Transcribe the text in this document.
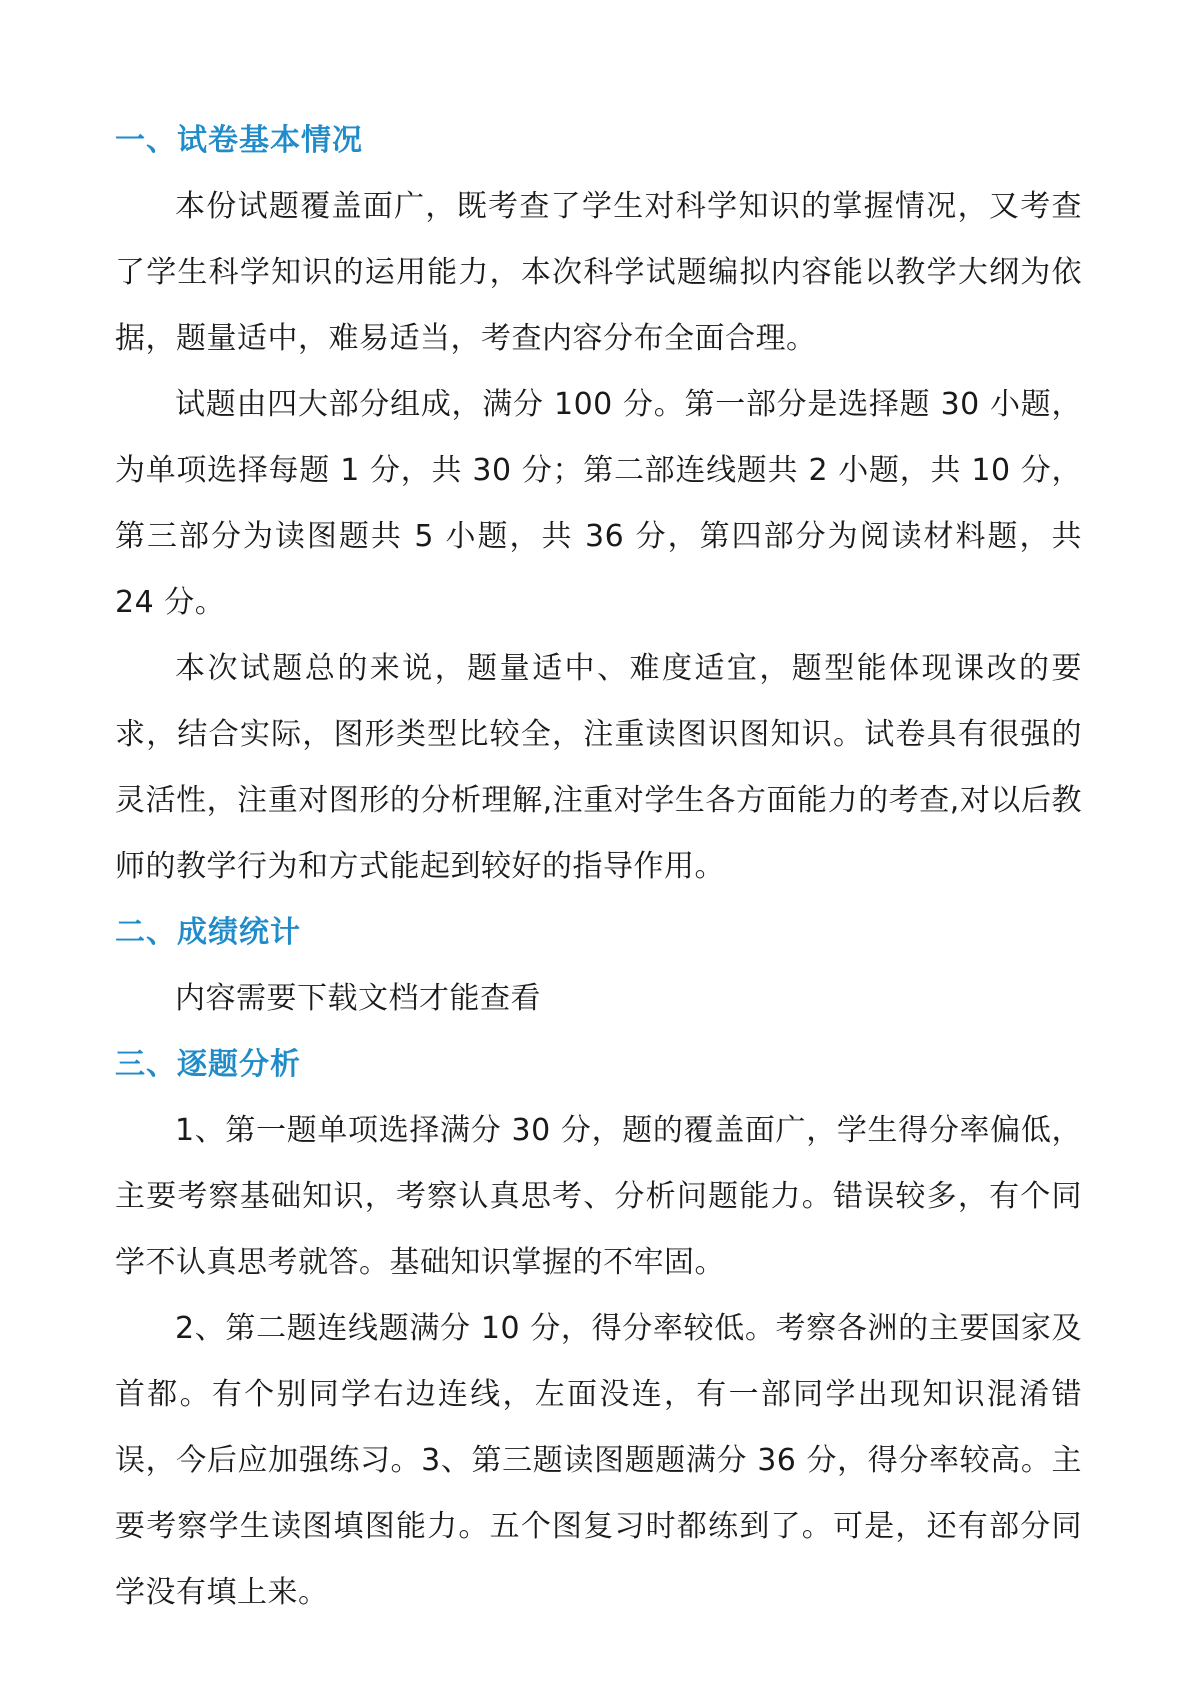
一、试卷基本情况

本份试题覆盖面广，既考查了学生对科学知识的掌握情况，又考查了学生科学知识的运用能力，本次科学试题编拟内容能以教学大纲为依据，题量适中，难易适当，考查内容分布全面合理。

试题由四大部分组成，满分 100 分。第一部分是选择题 30 小题，为单项选择每题 1 分，共 30 分；第二部连线题共 2 小题，共 10 分，第三部分为读图题共 5 小题，共 36 分，第四部分为阅读材料题，共 24 分。

本次试题总的来说，题量适中、难度适宜，题型能体现课改的要求，结合实际，图形类型比较全，注重读图识图知识。试卷具有很强的灵活性，注重对图形的分析理解,注重对学生各方面能力的考查,对以后教师的教学行为和方式能起到较好的指导作用。

二、成绩统计

内容需要下载文档才能查看

三、逐题分析

1、第一题单项选择满分 30 分，题的覆盖面广，学生得分率偏低，主要考察基础知识，考察认真思考、分析问题能力。错误较多，有个同学不认真思考就答。基础知识掌握的不牢固。

2、第二题连线题满分 10 分，得分率较低。考察各洲的主要国家及首都。有个别同学右边连线，左面没连，有一部同学出现知识混淆错误，今后应加强练习。3、第三题读图题题满分 36 分，得分率较高。主要考察学生读图填图能力。五个图复习时都练到了。可是，还有部分同学没有填上来。
